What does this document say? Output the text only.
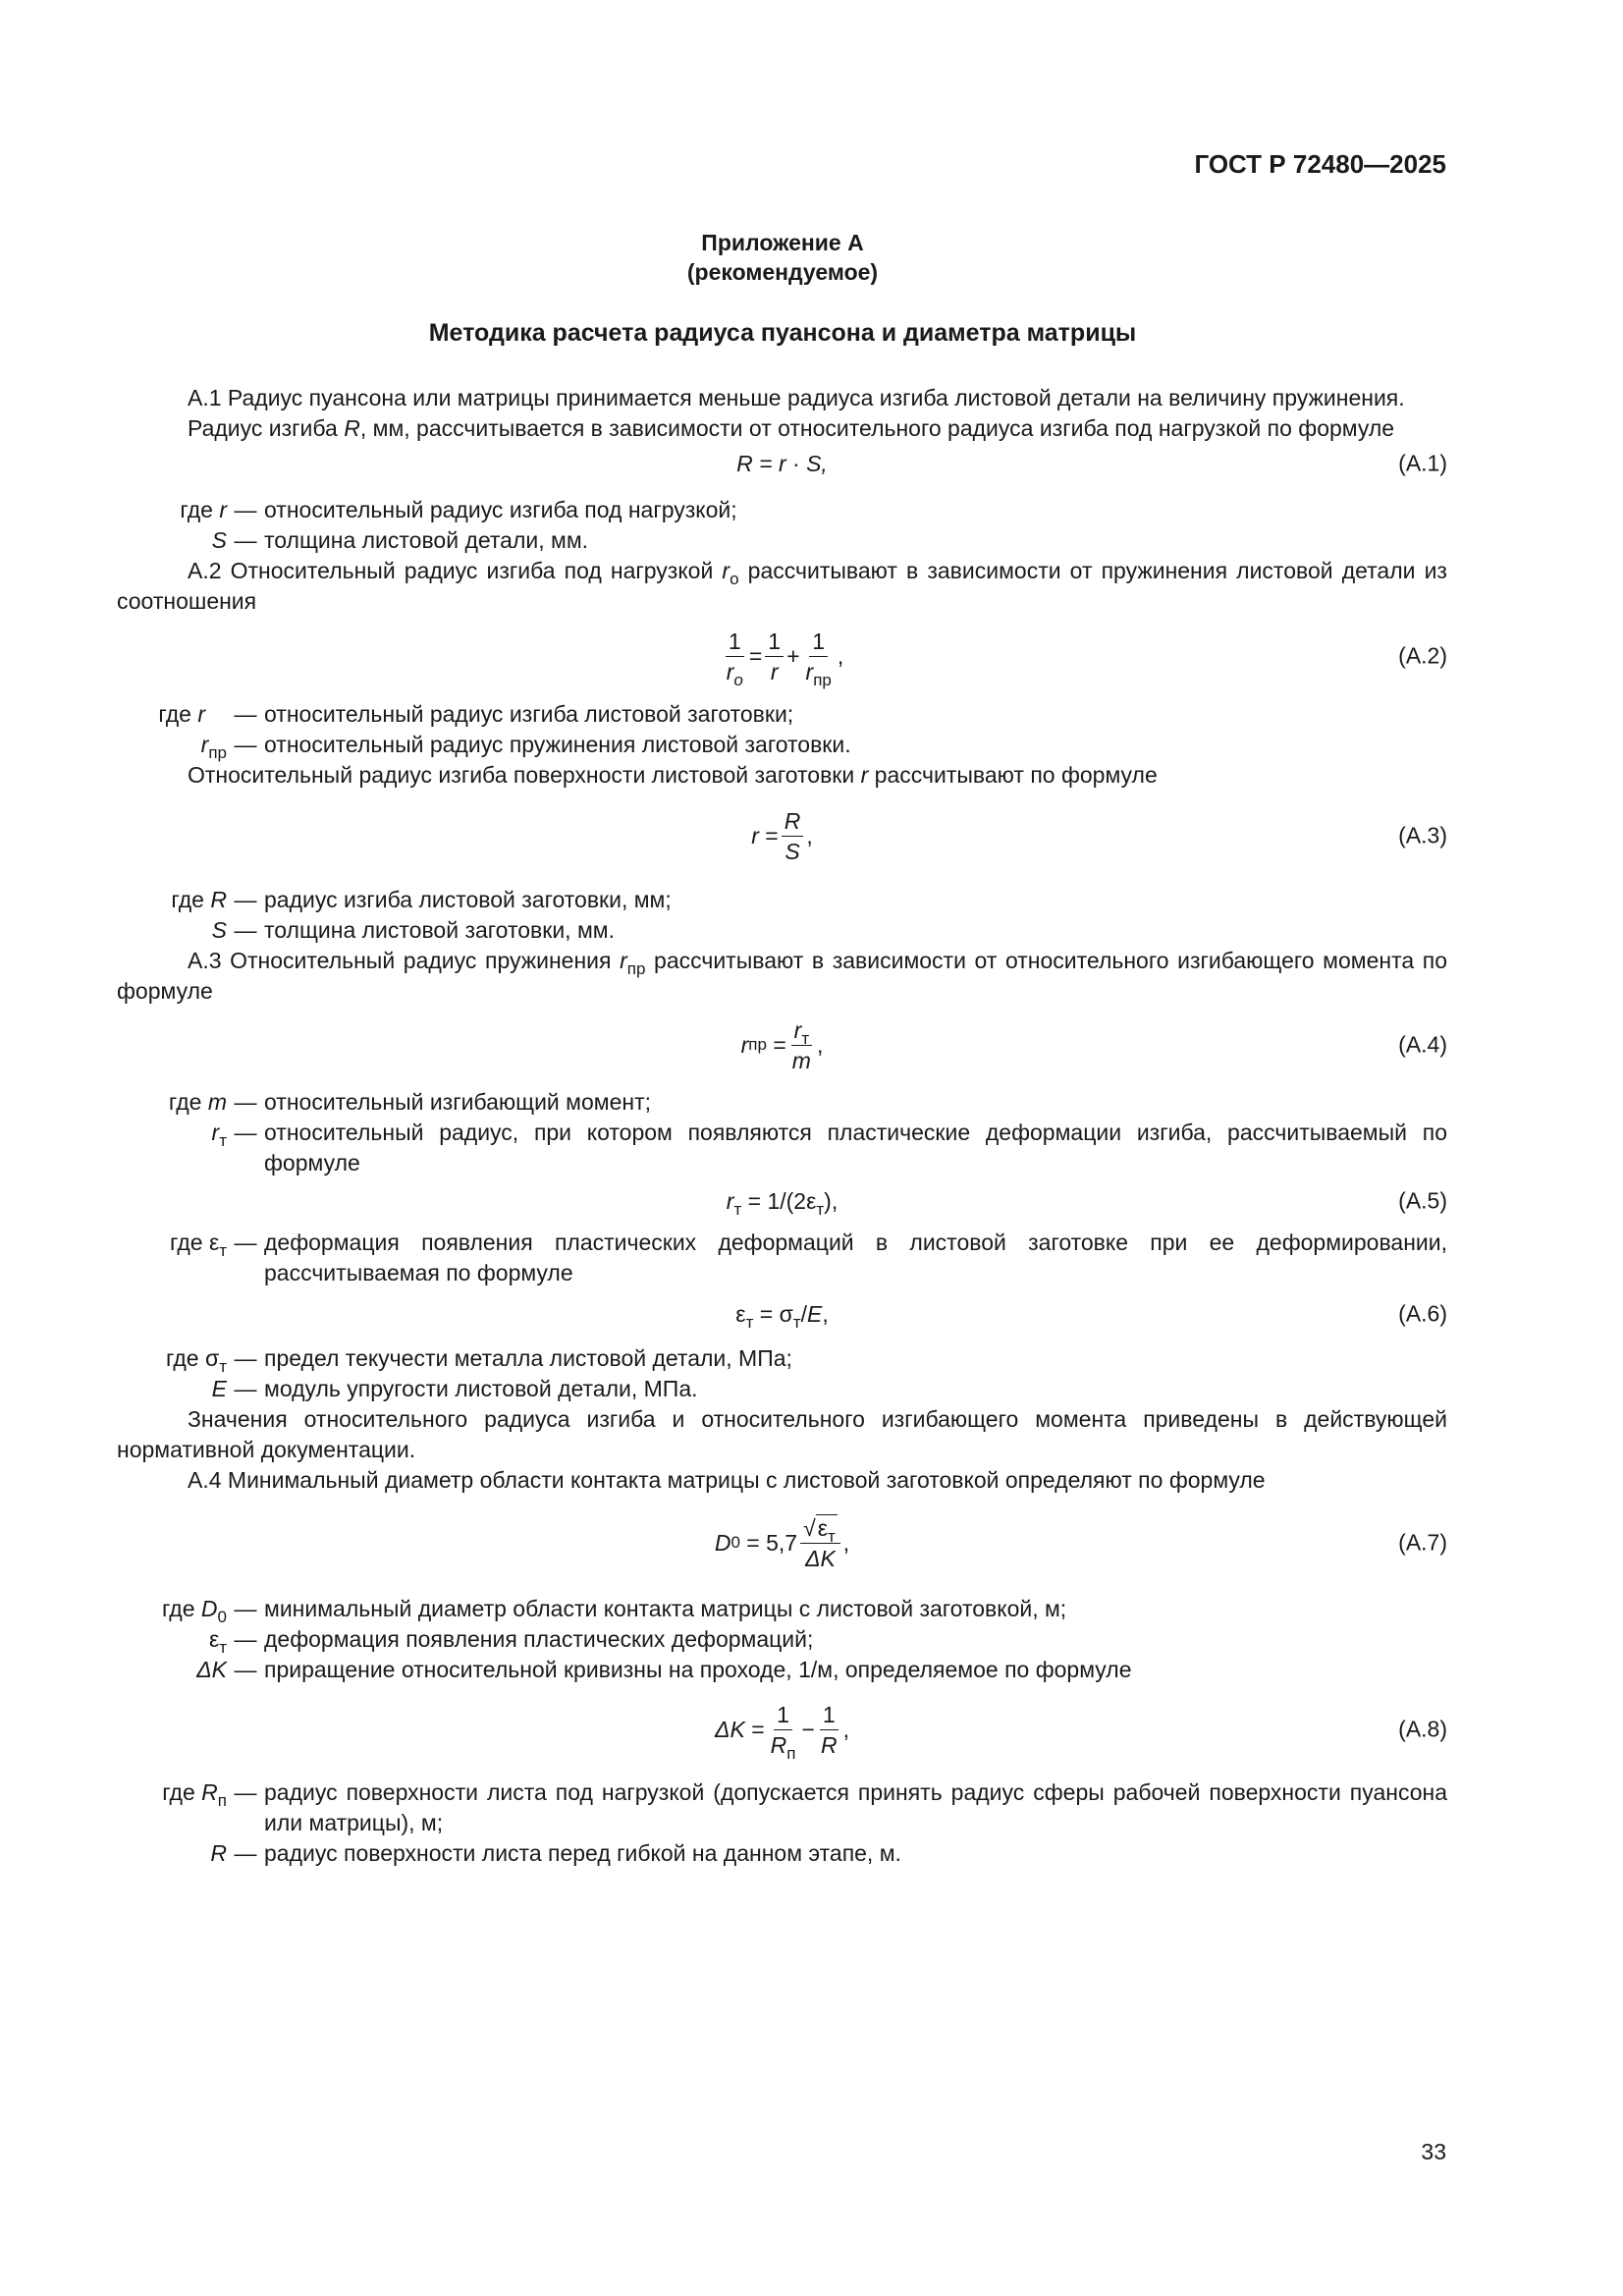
ГОСТ Р 72480—2025
Приложение А
(рекомендуемое)
Методика расчета радиуса пуансона и диаметра матрицы

А.1 Радиус пуансона или матрицы принимается меньше радиуса изгиба листовой детали на величину пружинения.

Радиус изгиба R, мм, рассчитывается в зависимости от относительного радиуса изгиба под нагрузкой по формуле

R = r · S,	(А.1)
где r — относительный радиус изгиба под нагрузкой;
S — толщина листовой детали, мм.

А.2 Относительный радиус изгиба под нагрузкой $r_o$ рассчитывают в зависимости от пружинения листовой детали из соотношения

$\frac{1}{r_o} = \frac{1}{r} + \frac{1}{r_{пр}}$ ,	(А.2)
где r	— относительный радиус изгиба листовой заготовки;
$r_{пр}$ — относительный радиус пружинения листовой заготовки.

Относительный радиус изгиба поверхности листовой заготовки r рассчитывают по формуле

r
= $\frac{R}{S}$ ,	(А.3)
где R — радиус изгиба листовой заготовки, мм;
S — толщина листовой заготовки, мм.

А.3 Относительный радиус пружинения $r_{пр}$ рассчитывают в зависимости от относительного изгибающего момента по формуле

r пр
= $\frac{r_т}{m}$ ,	(А.4)
где m — относительный изгибающий момент;
$r_т$ — относительный радиус, при котором появляются пластические деформации изгиба, рассчитываемый по формуле
$r_т = 1/(2\varepsilon_т)$,	(А.5)
где $\varepsilon_т$ — деформация появления пластических деформаций в листовой заготовке при ее деформировании, рассчитываемая по формуле
$\varepsilon_т = \sigma_т/E$,	(А.6)
где $\sigma_т$ — предел текучести металла листовой детали, МПа;
E — модуль упругости листовой детали, МПа.

Значения относительного радиуса изгиба и относительного изгибающего момента приведены в действующей нормативной документации.

А.4 Минимальный диаметр области контакта матрицы с листовой заготовкой определяют по формуле

D 0
=
$5,7 \frac{√\varepsilon_т}{\Delta K}$ ,	(А.7)
где $D_0$ — минимальный диаметр области контакта матрицы с листовой заготовкой, м;
$\varepsilon_т$ — деформация появления пластических деформаций;
ΔK — приращение относительной кривизны на проходе, 1/м, определяемое по формуле
ΔK
= $\frac{1}{R_п} - \frac{1}{R}$ ,	(А.8)
где $R_п$ — радиус поверхности листа под нагрузкой (допускается принять радиус сферы рабочей поверхности пуансона или матрицы), м;
R — радиус поверхности листа перед гибкой на данном этапе, м.
33
